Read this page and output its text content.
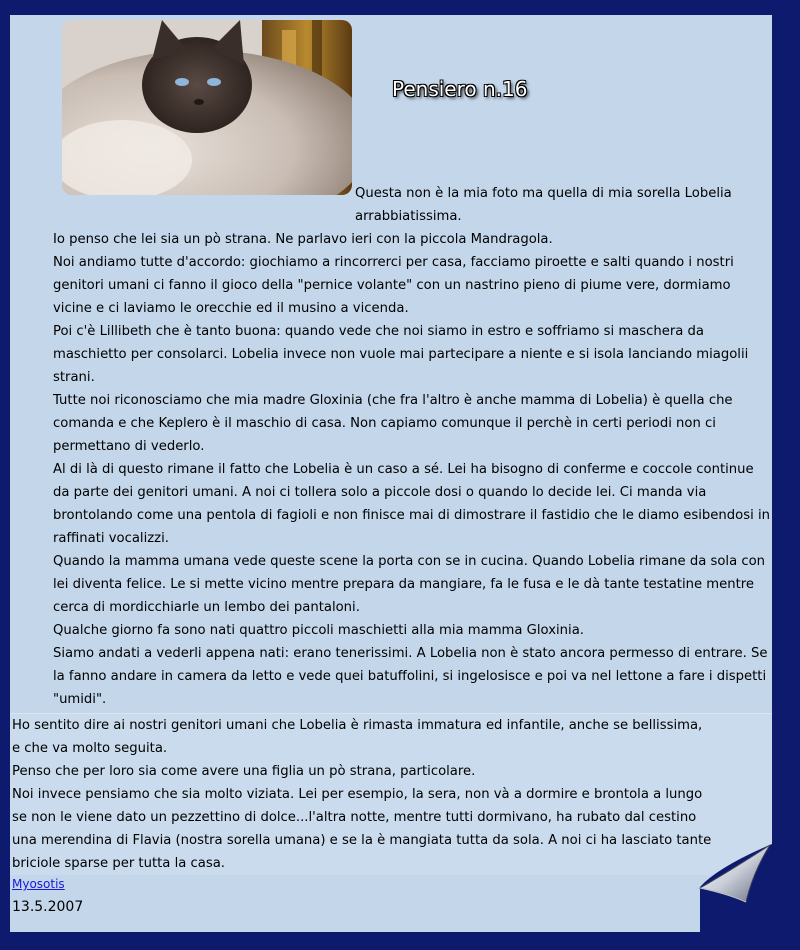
Pensiero n.16

Questa non è la mia foto ma quella di mia sorella Lobelia arrabbiatissima.

Io penso che lei sia un pò strana. Ne parlavo ieri con la piccola Mandragola.

Noi andiamo tutte d'accordo: giochiamo a rincorrerci per casa, facciamo piroette e salti quando i nostri genitori umani ci fanno il gioco della "pernice volante" con un nastrino pieno di piume vere, dormiamo vicine e ci laviamo le orecchie ed il musino a vicenda.

Poi c'è Lillibeth che è tanto buona: quando vede che noi siamo in estro e soffriamo si maschera da maschietto per consolarci. Lobelia invece non vuole mai partecipare a niente e si isola lanciando miagolii strani.

Tutte noi riconosciamo che mia madre Gloxinia (che fra l'altro è anche mamma di Lobelia) è quella che comanda e che Keplero è il maschio di casa. Non capiamo comunque il perchè in certi periodi non ci permettano di vederlo.

Al di là di questo rimane il fatto che Lobelia è un caso a sé. Lei ha bisogno di conferme e coccole continue da parte dei genitori umani. A noi ci tollera solo a piccole dosi o quando lo decide lei. Ci manda via brontolando come una pentola di fagioli e non finisce mai di dimostrare il fastidio che le diamo esibendosi in raffinati vocalizzi.

Quando la mamma umana vede queste scene la porta con se in cucina. Quando Lobelia rimane da sola con lei diventa felice. Le si mette vicino mentre prepara da mangiare, fa le fusa e le dà tante testatine mentre cerca di mordicchiarle un lembo dei pantaloni.

Qualche giorno fa sono nati quattro piccoli maschietti alla mia mamma Gloxinia.

Siamo andati a vederli appena nati: erano tenerissimi. A Lobelia non è stato ancora permesso di entrare. Se la fanno andare in camera da letto e vede quei batuffolini, si ingelosisce e poi va nel lettone a fare i dispetti "umidi".

Ho sentito dire ai nostri genitori umani che Lobelia è rimasta immatura ed infantile, anche se bellissima, e che va molto seguita.

Penso che per loro sia come avere una figlia un pò strana, particolare.

Noi invece pensiamo che sia molto viziata. Lei per esempio, la sera, non và a dormire e brontola a lungo se non le viene dato un pezzettino di dolce...l'altra notte, mentre tutti dormivano, ha rubato dal cestino una merendina di Flavia (nostra sorella umana) e se la è mangiata tutta da sola. A noi ci ha lasciato tante briciole sparse per tutta la casa.

Myosotis
13.5.2007
